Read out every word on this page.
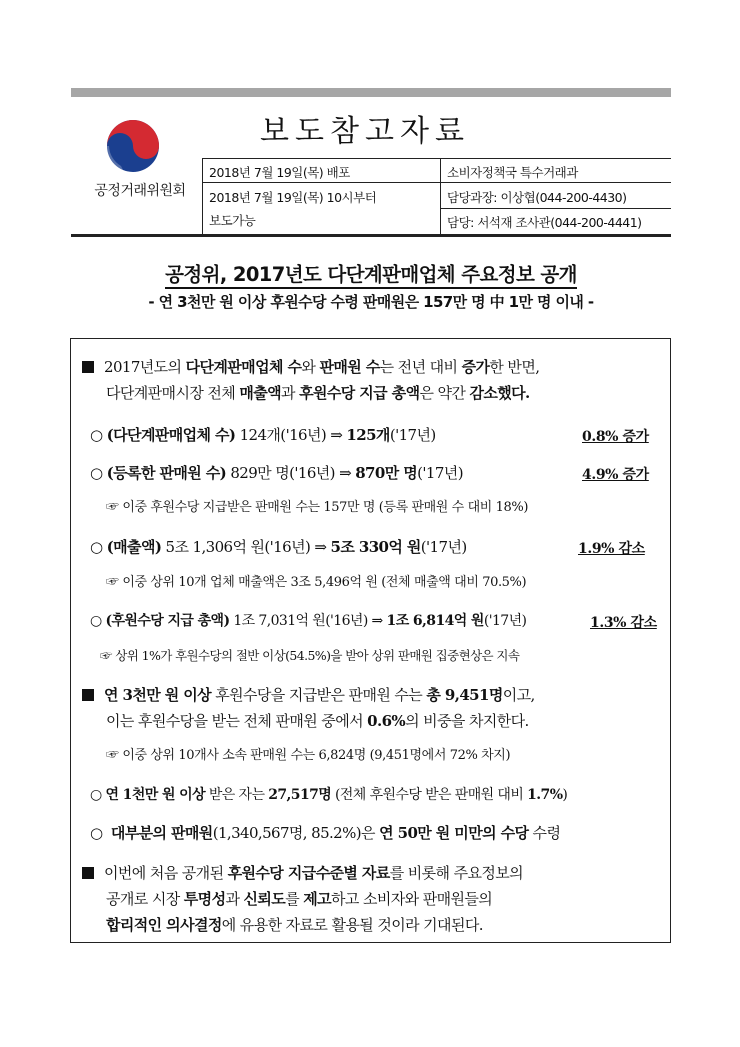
공정거래위원회
보도참고자료
2018년 7월 19일(목) 배포
2018년 7월 19일(목) 10시부터
보도가능
소비자정책국 특수거래과
담당과장: 이상협(044-200-4430)
담당: 서석재 조사관(044-200-4441)
공정위, 2017년도 다단계판매업체 주요정보 공개
- 연 3천만 원 이상 후원수당 수령 판매원은 157만 명 中 1만 명 이내 -
2017년도의 다단계판매업체 수와 판매원 수는 전년 대비 증가한 반면,
다단계판매시장 전체 매출액과 후원수당 지급 총액은 약간 감소했다.
○ (다단계판매업체 수) 124개('16년) ⇒ 125개('17년)	0.8% 증가
○ (등록한 판매원 수) 829만 명('16년) ⇒ 870만 명('17년)	4.9% 증가
☞ 이중 후원수당 지급받은 판매원 수는 157만 명 (등록 판매원 수 대비 18%)
○ (매출액) 5조 1,306억 원('16년) ⇒ 5조 330억 원('17년)	1.9% 감소
☞ 이중 상위 10개 업체 매출액은 3조 5,496억 원 (전체 매출액 대비 70.5%)
○ (후원수당 지급 총액) 1조 7,031억 원('16년) ⇒ 1조 6,814억 원('17년)	1.3% 감소
☞ 상위 1%가 후원수당의 절반 이상(54.5%)을 받아 상위 판매원 집중현상은 지속
연 3천만 원 이상 후원수당을 지급받은 판매원 수는 총 9,451명이고,
이는 후원수당을 받는 전체 판매원 중에서 0.6%의 비중을 차지한다.
☞ 이중 상위 10개사 소속 판매원 수는 6,824명 (9,451명에서 72% 차지)
○ 연 1천만 원 이상 받은 자는 27,517명 (전체 후원수당 받은 판매원 대비 1.7%)
○ 대부분의 판매원(1,340,567명, 85.2%)은 연 50만 원 미만의 수당 수령
이번에 처음 공개된 후원수당 지급수준별 자료를 비롯해 주요정보의
공개로 시장 투명성과 신뢰도를 제고하고 소비자와 판매원들의
합리적인 의사결정에 유용한 자료로 활용될 것이라 기대된다.
